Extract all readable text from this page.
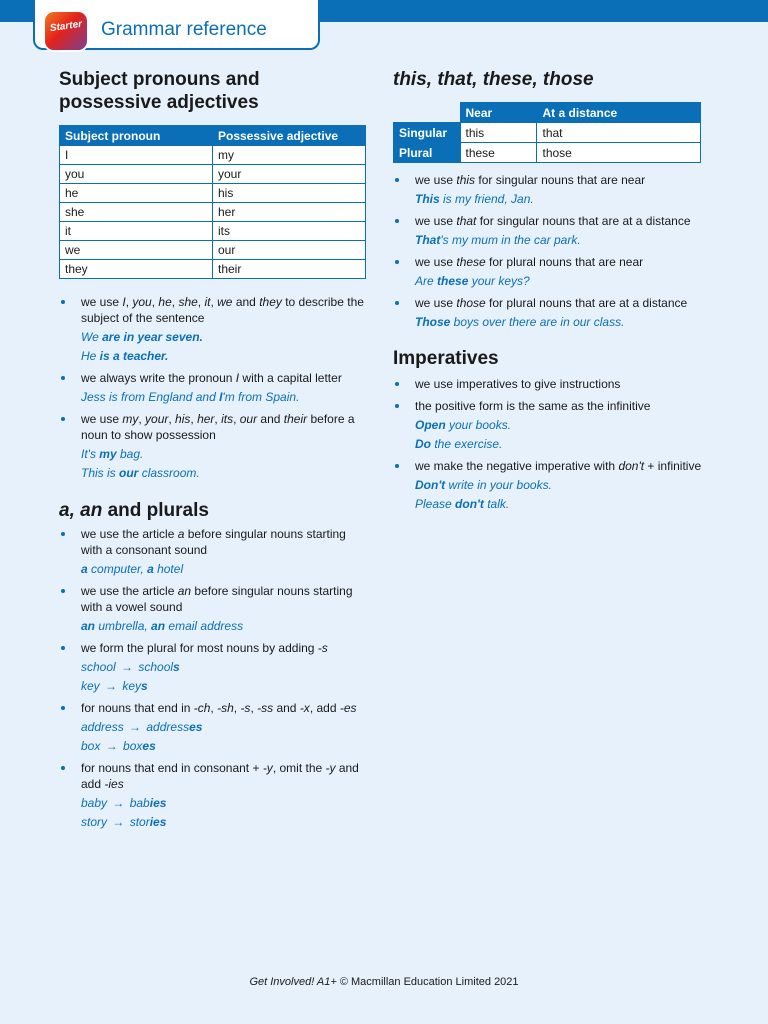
Starter Grammar reference
Subject pronouns and possessive adjectives
Subject pronoun	Possessive adjective
I	my
you	your
he	his
she	her
it	its
we	our
they	their
we use I, you, he, she, it, we and they to describe the subject of the sentence
We are in year seven.
He is a teacher.
we always write the pronoun I with a capital letter
Jess is from England and I'm from Spain.
we use my, your, his, her, its, our and their before a noun to show possession
It's my bag.
This is our classroom.
a, an and plurals
we use the article a before singular nouns starting with a consonant sound
a computer, a hotel
we use the article an before singular nouns starting with a vowel sound
an umbrella, an email address
we form the plural for most nouns by adding -s
school → schools
key → keys
for nouns that end in -ch, -sh, -s, -ss and -x, add -es
address → addresses
box → boxes
for nouns that end in consonant + -y, omit the -y and add -ies
baby → babies
story → stories
this, that, these, those
	Near	At a distance
Singular	this	that
Plural	these	those
we use this for singular nouns that are near
This is my friend, Jan.
we use that for singular nouns that are at a distance
That's my mum in the car park.
we use these for plural nouns that are near
Are these your keys?
we use those for plural nouns that are at a distance
Those boys over there are in our class.
Imperatives
we use imperatives to give instructions
the positive form is the same as the infinitive
Open your books.
Do the exercise.
we make the negative imperative with don't + infinitive
Don't write in your books.
Please don't talk.
Get Involved! A1+ © Macmillan Education Limited 2021
